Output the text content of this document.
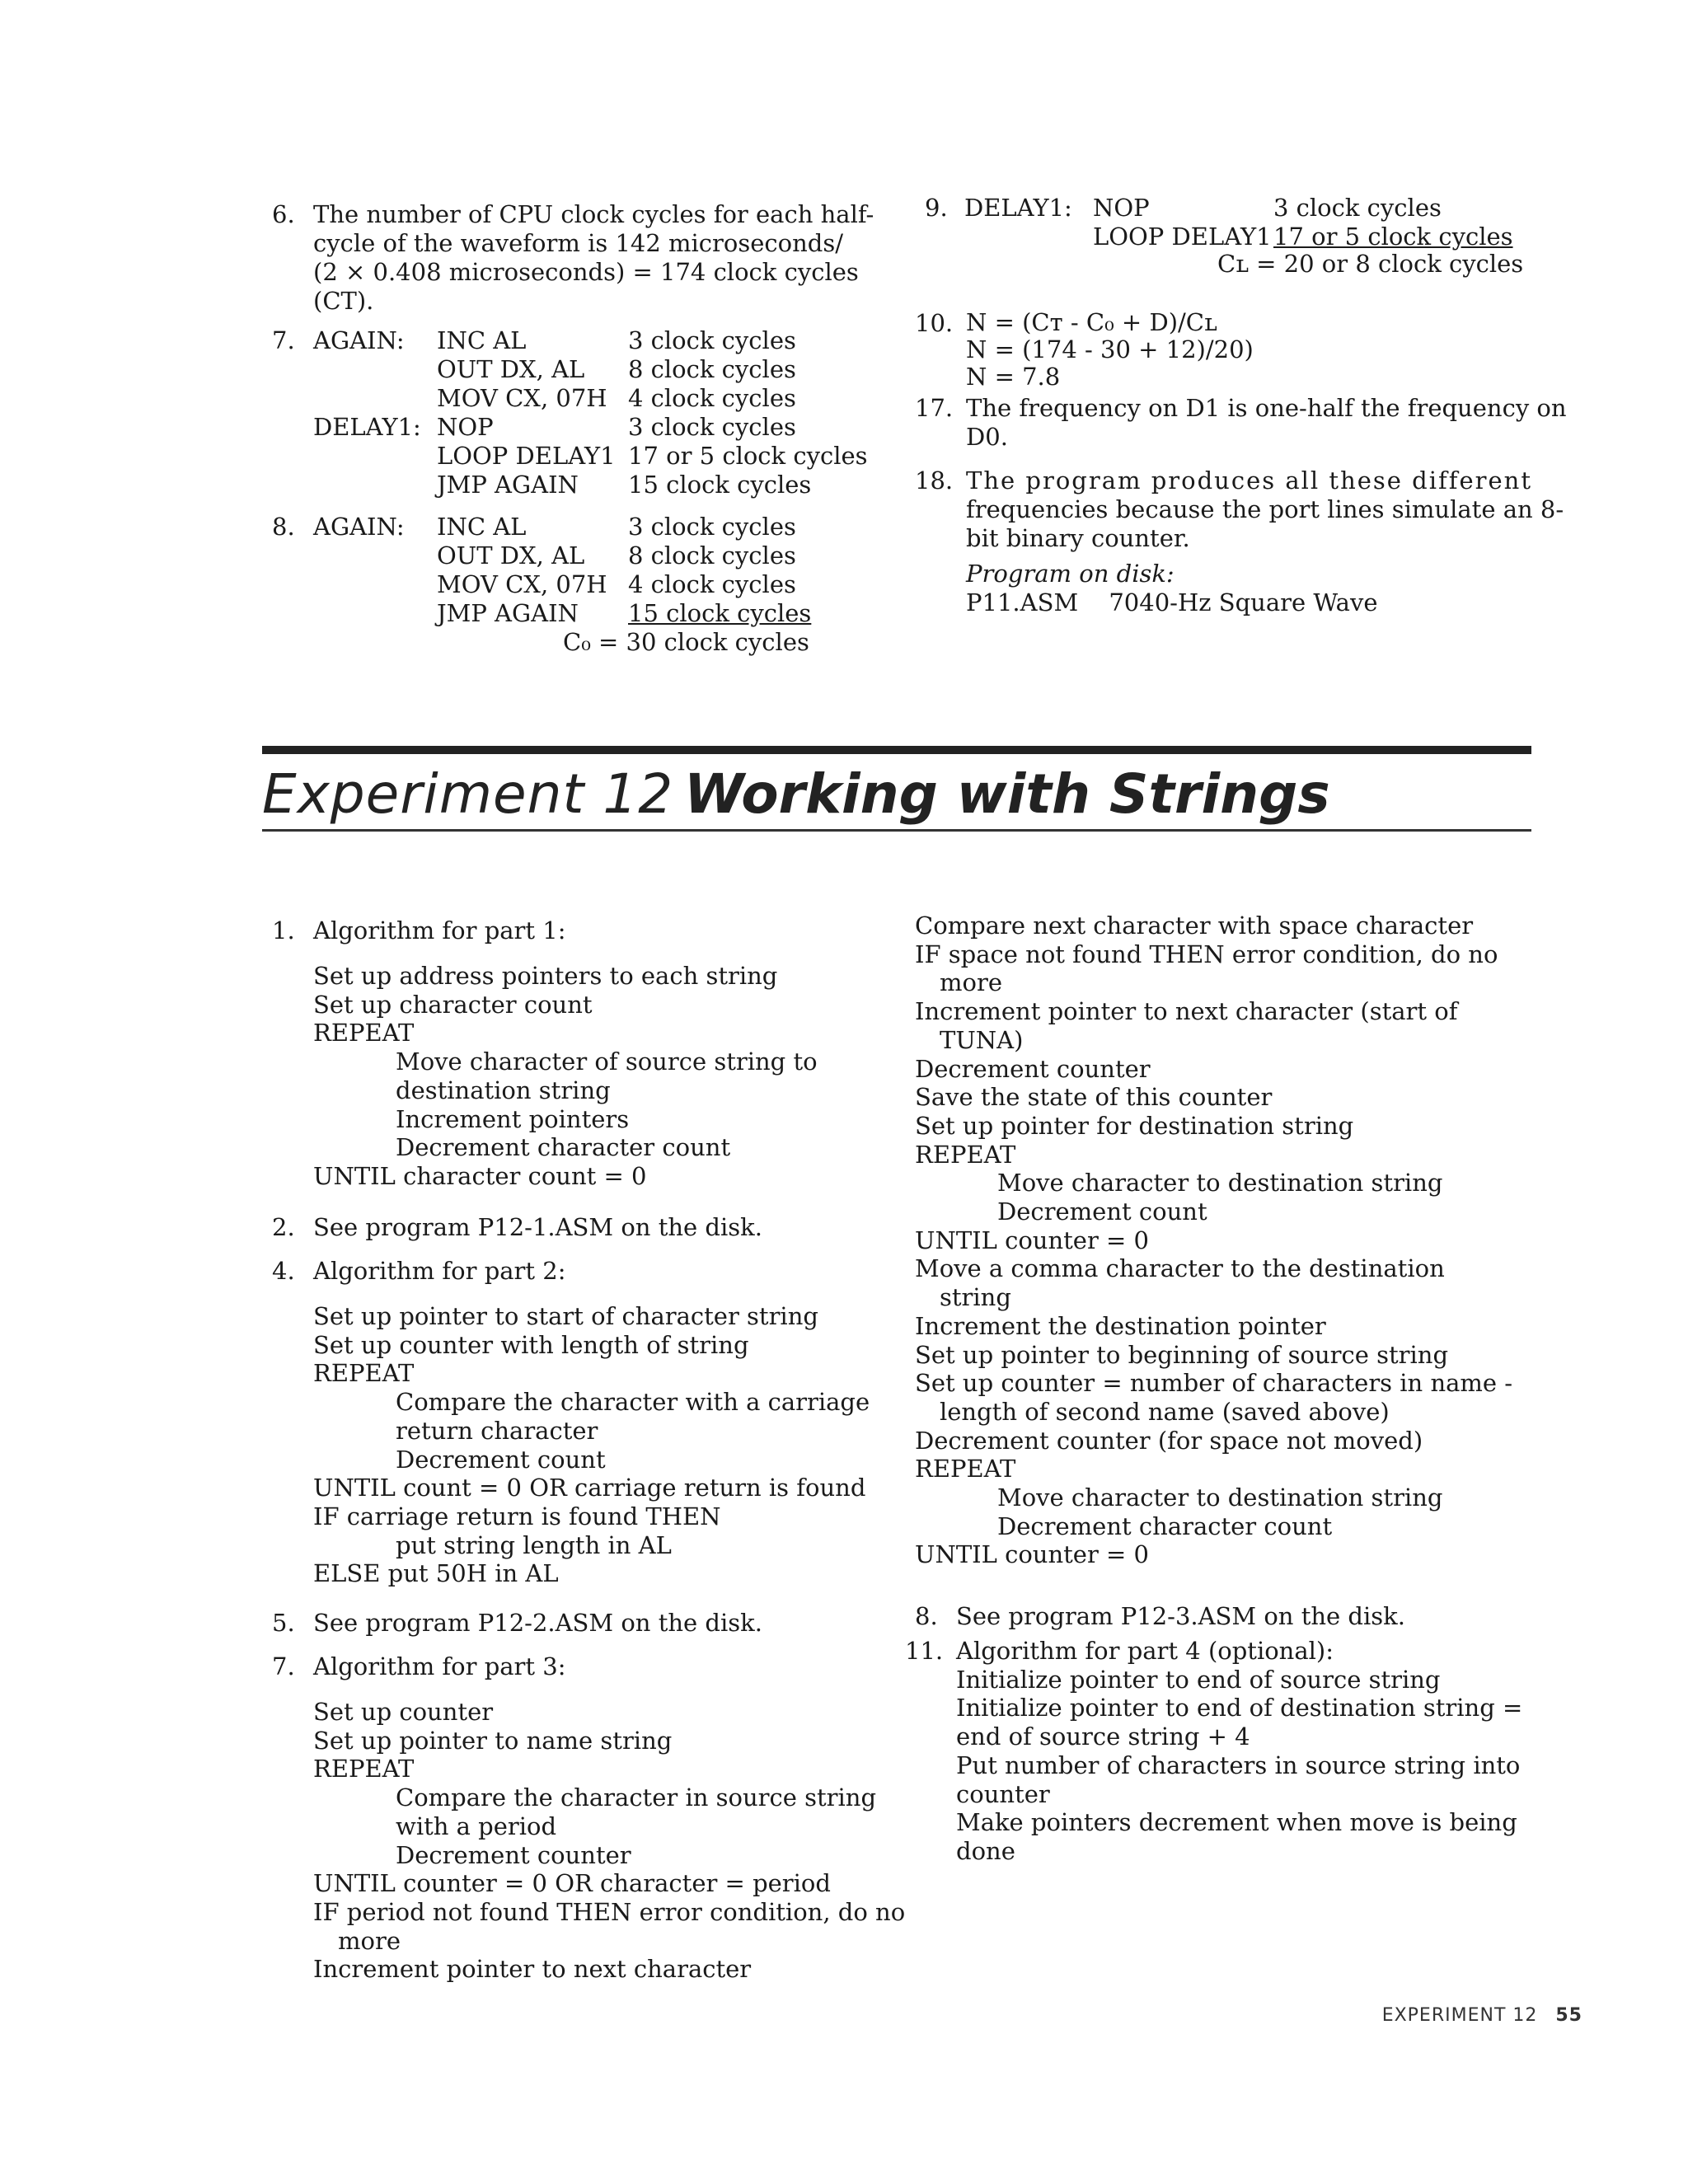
6. The number of CPU clock cycles for each half-
cycle of the waveform is 142 microseconds/
(2 × 0.408 microseconds) = 174 clock cycles
(CT).
7. AGAIN: INC AL	3 clock cycles
OUT DX, AL 8 clock cycles
MOV CX, 07H 4 clock cycles
DELAY1: NOP	3 clock cycles
LOOP DELAY1 17 or 5 clock cycles
JMP AGAIN 15 clock cycles
8. AGAIN: INC AL	3 clock cycles
OUT DX, AL 8 clock cycles
MOV CX, 07H 4 clock cycles
JMP AGAIN 15 clock cycles
C₀ = 30 clock cycles
9. DELAY1: NOP	3 clock cycles
LOOP DELAY1 17 or 5 clock cycles
Cʟ = 20 or 8 clock cycles
10. N = (Cᴛ - C₀ + D)/Cʟ
N = (174 - 30 + 12)/20)
N = 7.8
17. The frequency on D1 is one-half the frequency on
D0.
18. The program produces all these different
frequencies because the port lines simulate an 8-
bit binary counter.
Program on disk:
P11.ASM 7040-Hz Square Wave
Experiment 12 Working with Strings
1. Algorithm for part 1:
Set up address pointers to each string
Set up character count
REPEAT
Move character of source string to
destination string
Increment pointers
Decrement character count
UNTIL character count = 0
2. See program P12-1.ASM on the disk.
4. Algorithm for part 2:
Set up pointer to start of character string
Set up counter with length of string
REPEAT
Compare the character with a carriage
return character
Decrement count
UNTIL count = 0 OR carriage return is found
IF carriage return is found THEN
put string length in AL
ELSE put 50H in AL
5. See program P12-2.ASM on the disk.
7. Algorithm for part 3:
Set up counter
Set up pointer to name string
REPEAT
Compare the character in source string
with a period
Decrement counter
UNTIL counter = 0 OR character = period
IF period not found THEN error condition, do no
more
Increment pointer to next character
Compare next character with space character
IF space not found THEN error condition, do no
more
Increment pointer to next character (start of
TUNA)
Decrement counter
Save the state of this counter
Set up pointer for destination string
REPEAT
Move character to destination string
Decrement count
UNTIL counter = 0
Move a comma character to the destination
string
Increment the destination pointer
Set up pointer to beginning of source string
Set up counter = number of characters in name -
length of second name (saved above)
Decrement counter (for space not moved)
REPEAT
Move character to destination string
Decrement character count
UNTIL counter = 0
8. See program P12-3.ASM on the disk.
11. Algorithm for part 4 (optional):
Initialize pointer to end of source string
Initialize pointer to end of destination string =
end of source string + 4
Put number of characters in source string into
counter
Make pointers decrement when move is being
done
EXPERIMENT 12 55
